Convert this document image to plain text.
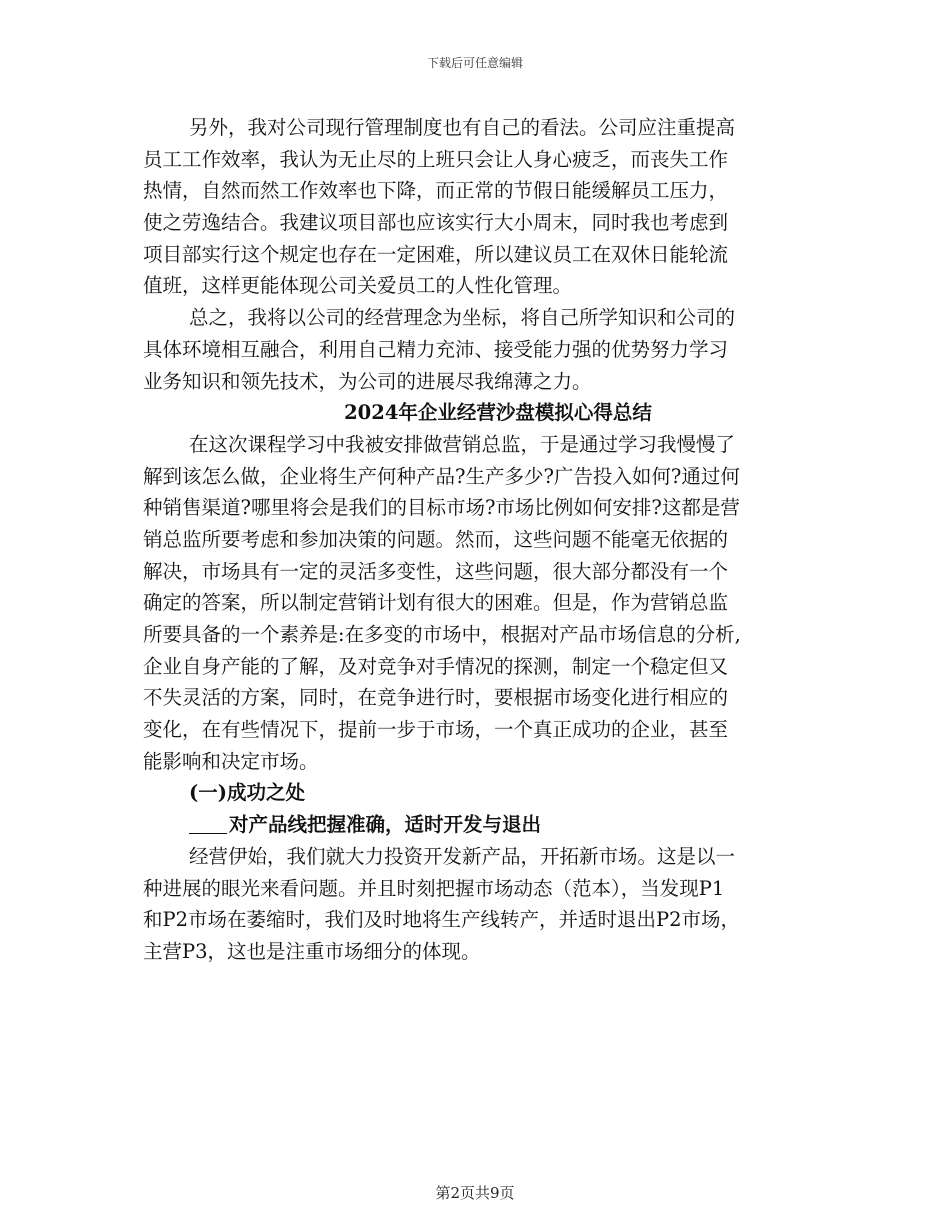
下载后可任意编辑
另外，我对公司现行管理制度也有自己的看法。公司应注重提高
员工工作效率，我认为无止尽的上班只会让人身心疲乏，而丧失工作
热情，自然而然工作效率也下降，而正常的节假日能缓解员工压力，
使之劳逸结合。我建议项目部也应该实行大小周末，同时我也考虑到
项目部实行这个规定也存在一定困难，所以建议员工在双休日能轮流
值班，这样更能体现公司关爱员工的人性化管理。
总之，我将以公司的经营理念为坐标，将自己所学知识和公司的
具体环境相互融合，利用自己精力充沛、接受能力强的优势努力学习
业务知识和领先技术，为公司的进展尽我绵薄之力。
2024年企业经营沙盘模拟心得总结
在这次课程学习中我被安排做营销总监，于是通过学习我慢慢了
解到该怎么做，企业将生产何种产品?生产多少?广告投入如何?通过何
种销售渠道?哪里将会是我们的目标市场?市场比例如何安排?这都是营
销总监所要考虑和参加决策的问题。然而，这些问题不能毫无依据的
解决，市场具有一定的灵活多变性，这些问题，很大部分都没有一个
确定的答案，所以制定营销计划有很大的困难。但是，作为营销总监
所要具备的一个素养是:在多变的市场中，根据对产品市场信息的分析,
企业自身产能的了解，及对竞争对手情况的探测，制定一个稳定但又
不失灵活的方案，同时，在竞争进行时，要根据市场变化进行相应的
变化，在有些情况下，提前一步于市场，一个真正成功的企业，甚至
能影响和决定市场。
(一)成功之处
对产品线把握准确，适时开发与退出
经营伊始，我们就大力投资开发新产品，开拓新市场。这是以一
种进展的眼光来看问题。并且时刻把握市场动态（范本），当发现P1
和P2市场在萎缩时，我们及时地将生产线转产，并适时退出P2市场，
主营P3，这也是注重市场细分的体现。
第2页共9页
